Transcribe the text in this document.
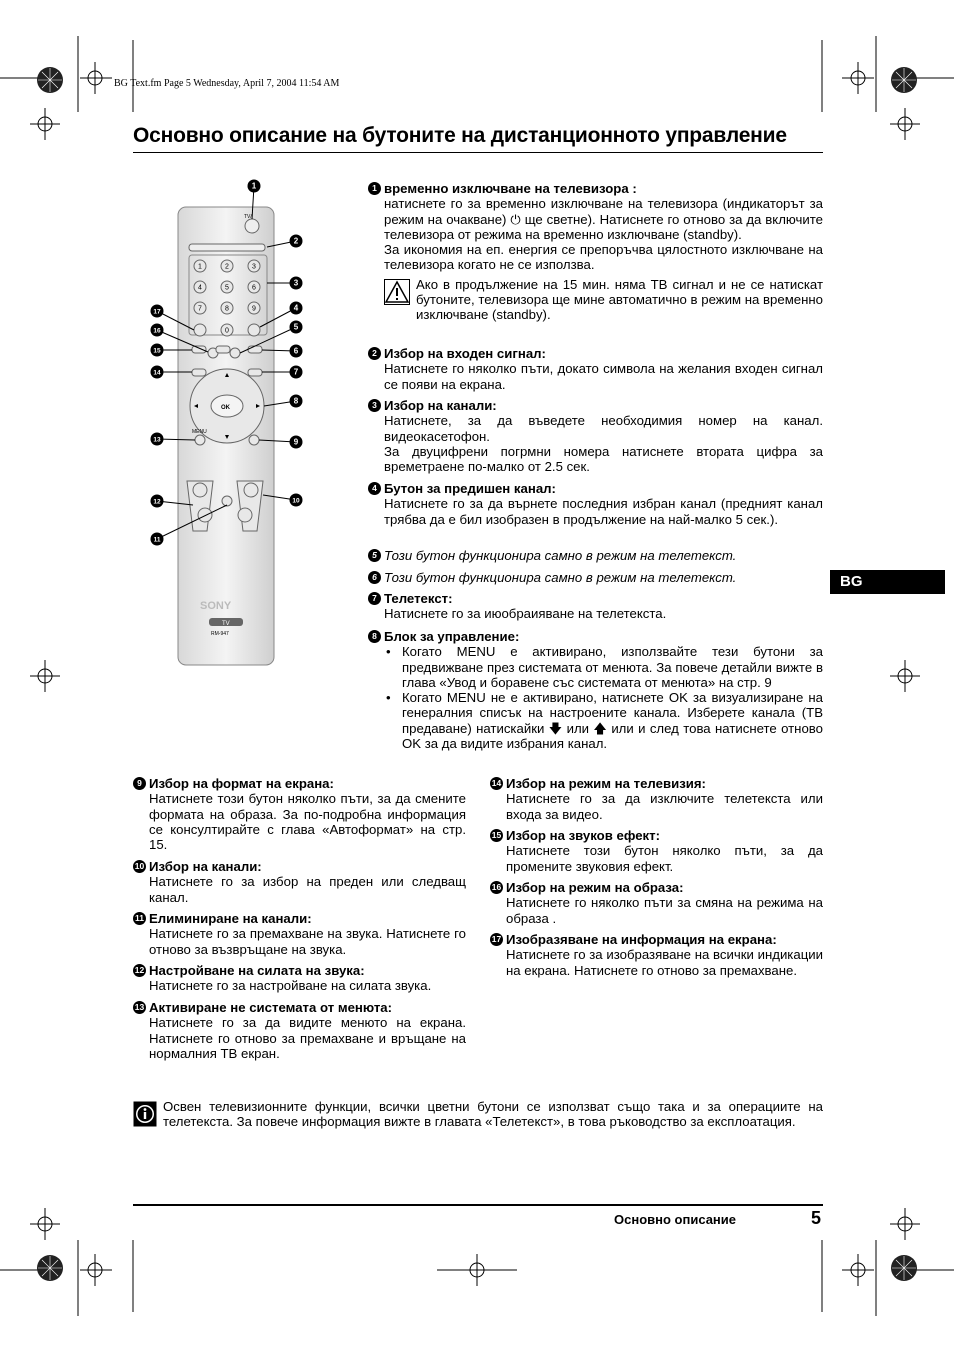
BG Text.fm Page 5 Wednesday, April 7, 2004 11:54 AM
Основно описание на бутоните на дистанционното управление
BG
TV/
1	2	3
4	5	6
7	8	9
0
OK
MENU
SONY
TV
RM-947
1
2
3
4
5
6
7
8
9
10
11
12
13
14
15
16
17
1 временно изключване на телевизора :
натиснете го за временно изключване на телевизора (индикаторът за режим на очакване) ⏻ ще светне). Натиснете го отново за да включите телевизора от режима на временно изключване (standby).
За икономия на еп. енергия се препоръчва цялостното изключване на телевизора когато не се използва.
Ако в продължение на 15 мин. няма ТВ сигнал и не се натискат бутоните, телевизора ще мине автоматично в режим на временно изключване (standby).
2 Избор на входен сигнал:
Натиснете го няколко пъти, докато символа на желания входен сигнал се появи на екрана.
3 Избор на канали:
Натиснете, за да въведете необходимия номер на канал. видеокасетофон.
За двуцифрени погрмни номера натиснете втората цифра за времетраене по-малко от 2.5 сек.
4 Бутон за предишен канал:
Натиснете го за да върнете последния избран канал (предният канал трябва да е бил изобразен в продължение на най-малко 5 сек.).
5 Този бутон функционира самно в режим на телетекст.
6 Този бутон функционира самно в режим на телетекст.
7 Телетекст:
Натиснете го за июобраияване на телетекста.
8 Блок за управление:
• Когато MENU е активирано, използвайте тези бутони за предвижване през системата от менюта. За повече детайли вижте в глава «Увод и боравене със системата от менюта» на стр. 9
• Когато MENU не е активирано, натиснете OK за визуализиране на генералния списък на настроените канала. Изберете канала (ТВ предаване) натискайки 🡇 или 🡅 или и след това натиснете отново OK за да видите избрания канал.
9 Избор на формат на екрана:
Натиснете този бутон няколко пъти, за да смените формата на образа. За по-подробна информация се консултирайте с глава «Автоформат» на стр. 15.
10 Избор на канали:
Натиснете го за избор на преден или следващ канал.
11 Елиминиране на канали:
Натиснете го за премахване на звука. Натиснете го отново за възвръщане на звука.
12 Настройване на силата на звука:
Натиснете го за настройване на силата звука.
13 Активиране не системата от менюта:
Натиснете го за да видите менюто на екрана. Натиснете го отново за премахване и връщане на нормалния ТВ екран.
14 Избор на режим на телевизия:
Натиснете го за да изключите телетекста или входа за видео.
15 Избор на звуков ефект:
Натиснете този бутон няколко пъти, за да промените звуковия ефект.
16 Избор на режим на образа:
Натиснете го няколко пъти за смяна на режима на образа .
17 Изобразяване на информация на екрана:
Натиснете го за изобразяване на всички индикации на екрана. Натиснете го отново за премахване.
Освен телевизионните функции, всички цветни бутони се използват също така и за операциите на телетекста. За повече информация вижте в главата «Телетекст», в това ръководство за експлоатация.
Основно описание	5
